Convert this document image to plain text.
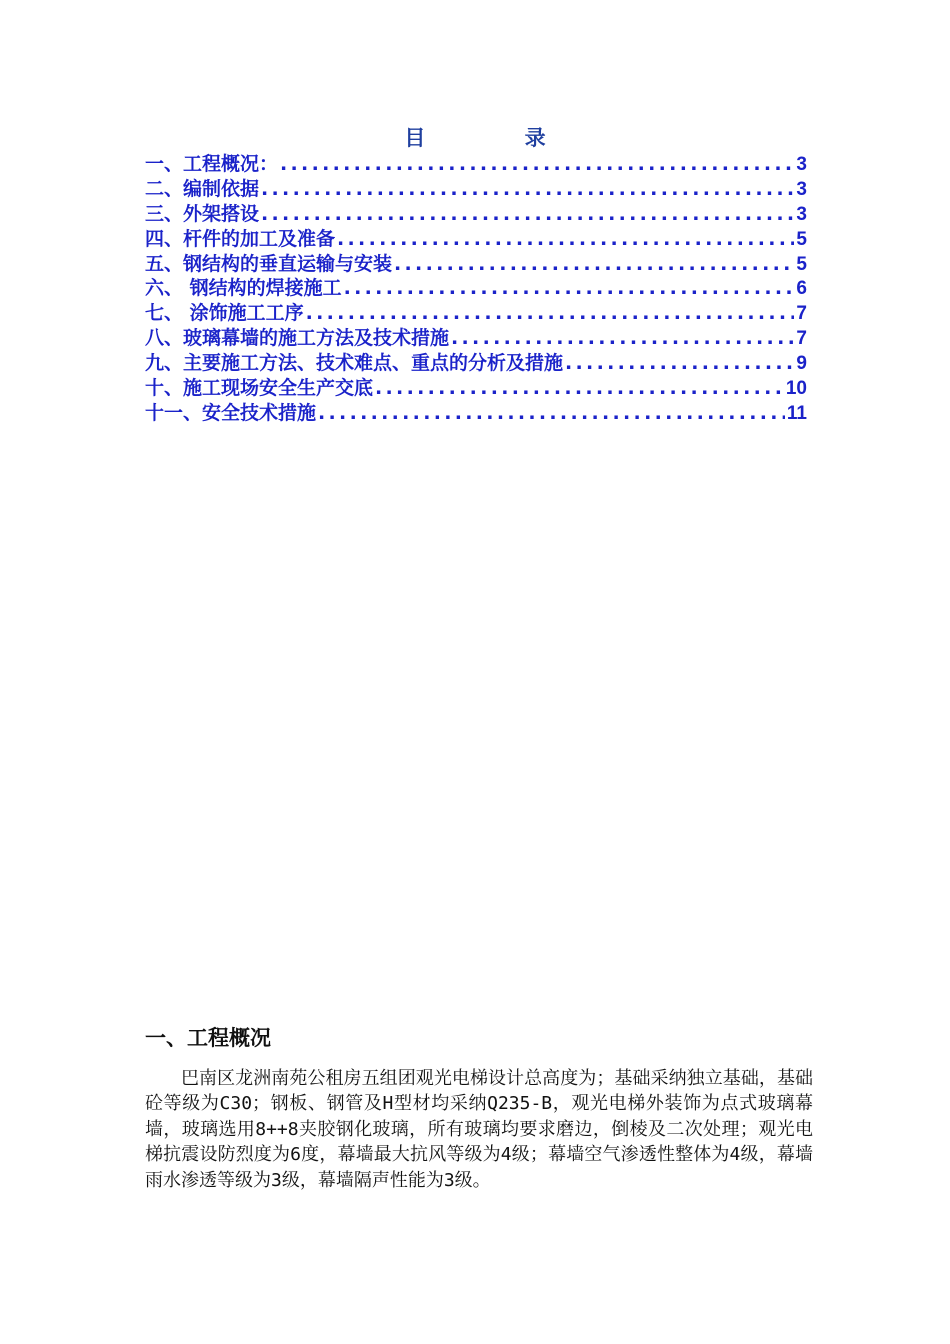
目 录
一、工程概况： .....	3
二、编制依据 .....	3
三、外架搭设 .....	3
四、杆件的加工及准备 .....	5
五、钢结构的垂直运输与安装 .....	5
六、 钢结构的焊接施工 .....	6
七、 涂饰施工工序 .....	7
八、玻璃幕墙的施工方法及技术措施 .....	7
九、主要施工方法、技术难点、重点的分析及措施 .....	9
十、施工现场安全生产交底 .....	10
十一、安全技术措施 .....	11
一、工程概况

巴南区龙洲南苑公租房五组团观光电梯设计总高度为；基础采纳独立基础，基础砼等级为C30；钢板、钢管及H型材均采纳Q235-B，观光电梯外装饰为点式玻璃幕墙，玻璃选用8++8夹胶钢化玻璃，所有玻璃均要求磨边，倒棱及二次处理；观光电梯抗震设防烈度为6度，幕墙最大抗风等级为4级；幕墙空气渗透性整体为4级，幕墙雨水渗透等级为3级，幕墙隔声性能为3级。
